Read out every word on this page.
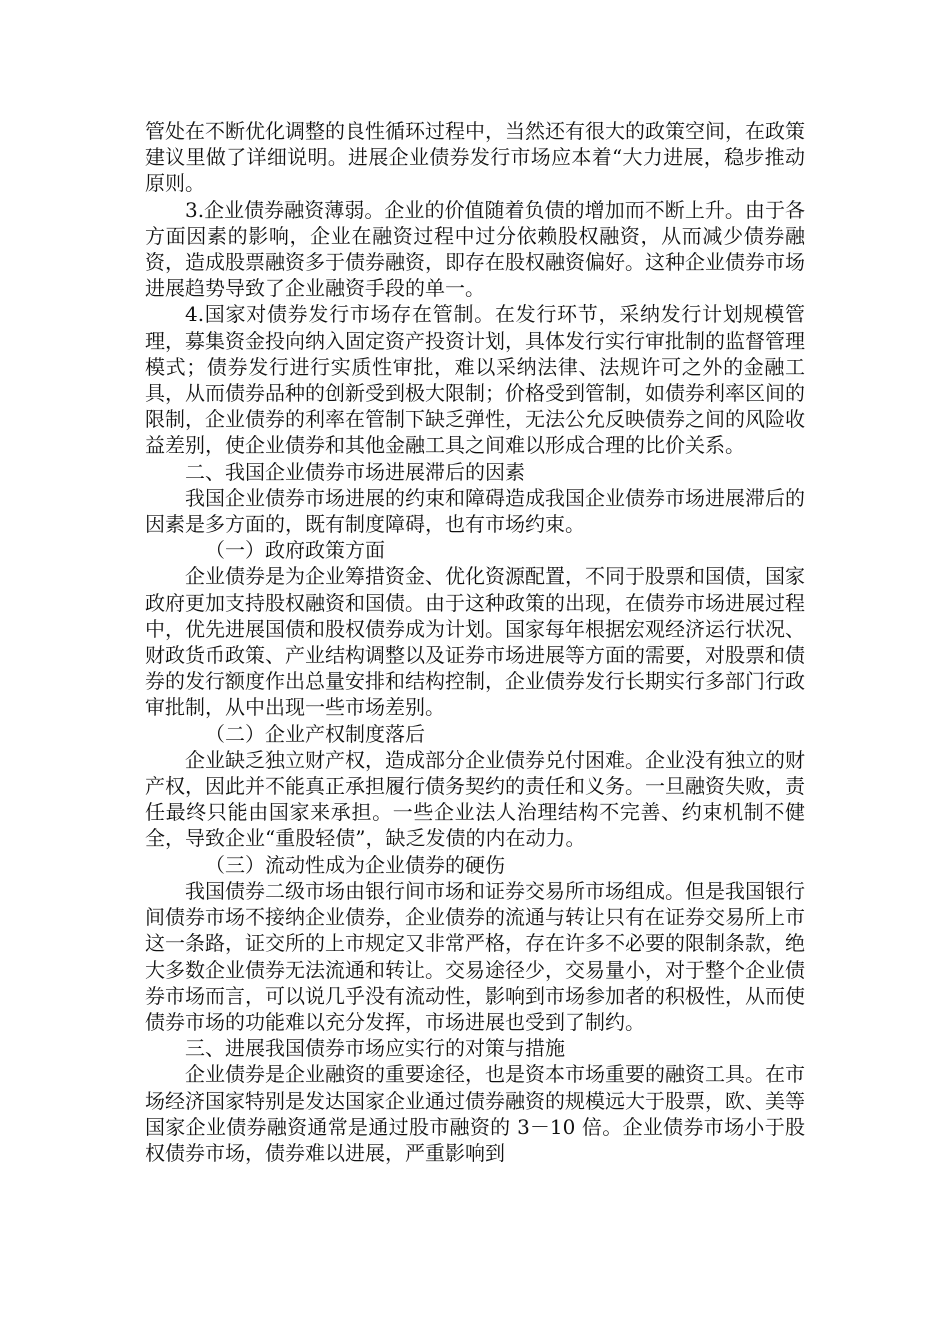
管处在不断优化调整的良性循环过程中，当然还有很大的政策空间，在政策建议里做了详细说明。进展企业债券发行市场应本着“大力进展，稳步推动原则。

3.企业债券融资薄弱。企业的价值随着负债的增加而不断上升。由于各方面因素的影响，企业在融资过程中过分依赖股权融资，从而减少债券融资，造成股票融资多于债券融资，即存在股权融资偏好。这种企业债券市场进展趋势导致了企业融资手段的单一。

4.国家对债券发行市场存在管制。在发行环节，采纳发行计划规模管理，募集资金投向纳入固定资产投资计划，具体发行实行审批制的监督管理模式；债券发行进行实质性审批，难以采纳法律、法规许可之外的金融工具，从而债券品种的创新受到极大限制；价格受到管制，如债券利率区间的限制，企业债券的利率在管制下缺乏弹性，无法公允反映债券之间的风险收益差别，使企业债券和其他金融工具之间难以形成合理的比价关系。

二、我国企业债券市场进展滞后的因素

我国企业债券市场进展的约束和障碍造成我国企业债券市场进展滞后的因素是多方面的，既有制度障碍，也有市场约束。

（一）政府政策方面

企业债券是为企业筹措资金、优化资源配置，不同于股票和国债，国家政府更加支持股权融资和国债。由于这种政策的出现，在债券市场进展过程中，优先进展国债和股权债券成为计划。国家每年根据宏观经济运行状况、财政货币政策、产业结构调整以及证券市场进展等方面的需要，对股票和债券的发行额度作出总量安排和结构控制，企业债券发行长期实行多部门行政审批制，从中出现一些市场差别。

（二）企业产权制度落后

企业缺乏独立财产权，造成部分企业债券兑付困难。企业没有独立的财产权，因此并不能真正承担履行债务契约的责任和义务。一旦融资失败，责任最终只能由国家来承担。一些企业法人治理结构不完善、约束机制不健全，导致企业“重股轻债”，缺乏发债的内在动力。

（三）流动性成为企业债券的硬伤

我国债券二级市场由银行间市场和证券交易所市场组成。但是我国银行间债券市场不接纳企业债券，企业债券的流通与转让只有在证券交易所上市这一条路，证交所的上市规定又非常严格，存在许多不必要的限制条款，绝大多数企业债券无法流通和转让。交易途径少，交易量小，对于整个企业债券市场而言，可以说几乎没有流动性，影响到市场参加者的积极性，从而使债券市场的功能难以充分发挥，市场进展也受到了制约。

三、进展我国债券市场应实行的对策与措施

企业债券是企业融资的重要途径，也是资本市场重要的融资工具。在市场经济国家特别是发达国家企业通过债券融资的规模远大于股票，欧、美等国家企业债券融资通常是通过股市融资的 3－10 倍。企业债券市场小于股权债券市场，债券难以进展，严重影响到
